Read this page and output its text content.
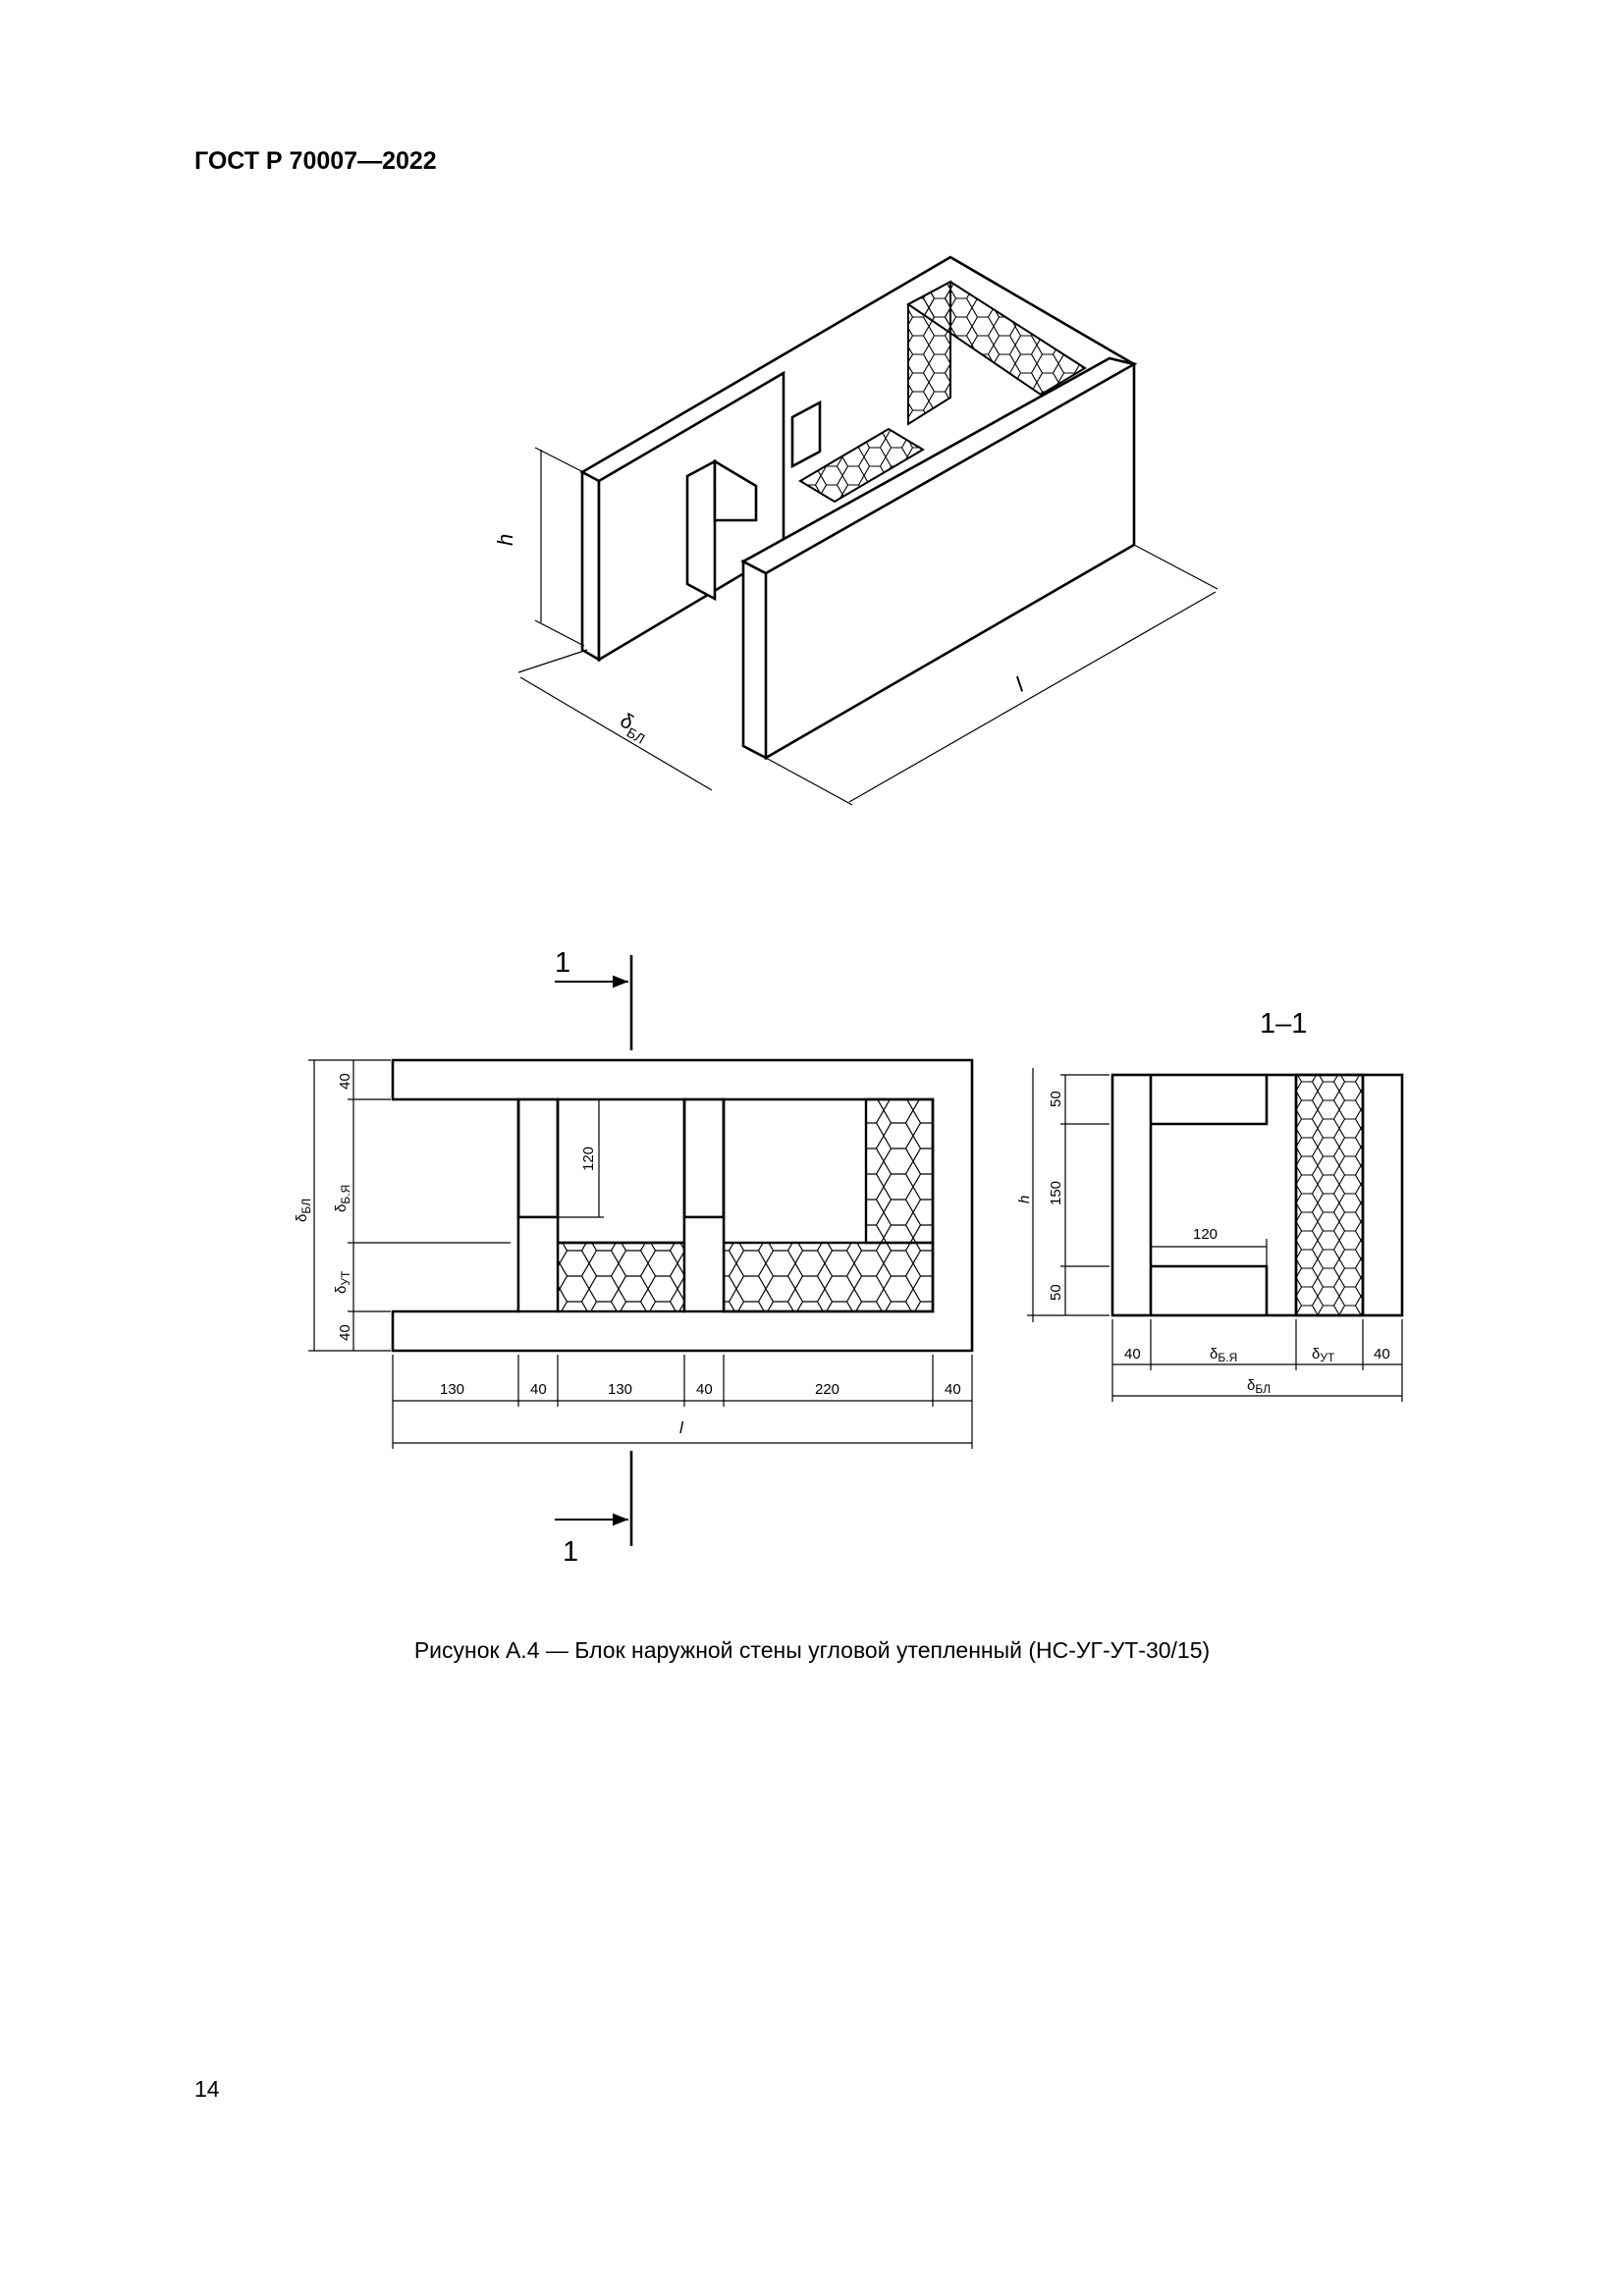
ГОСТ Р 70007—2022
h
$\delta_{БЛ}$
l
120
1
1
40
40
$\delta_{Б.Я}$
$\delta_{УТ}$
$\delta_{БЛ}$
130	40	130	40	220	40
l
1–1
120
50
150
50
h
40	$\delta_{Б.Я}$	$\delta_{УТ}$	40
$\delta_{БЛ}$
Рисунок А.4 — Блок наружной стены угловой утепленный (НС-УГ-УТ-30/15)
14
